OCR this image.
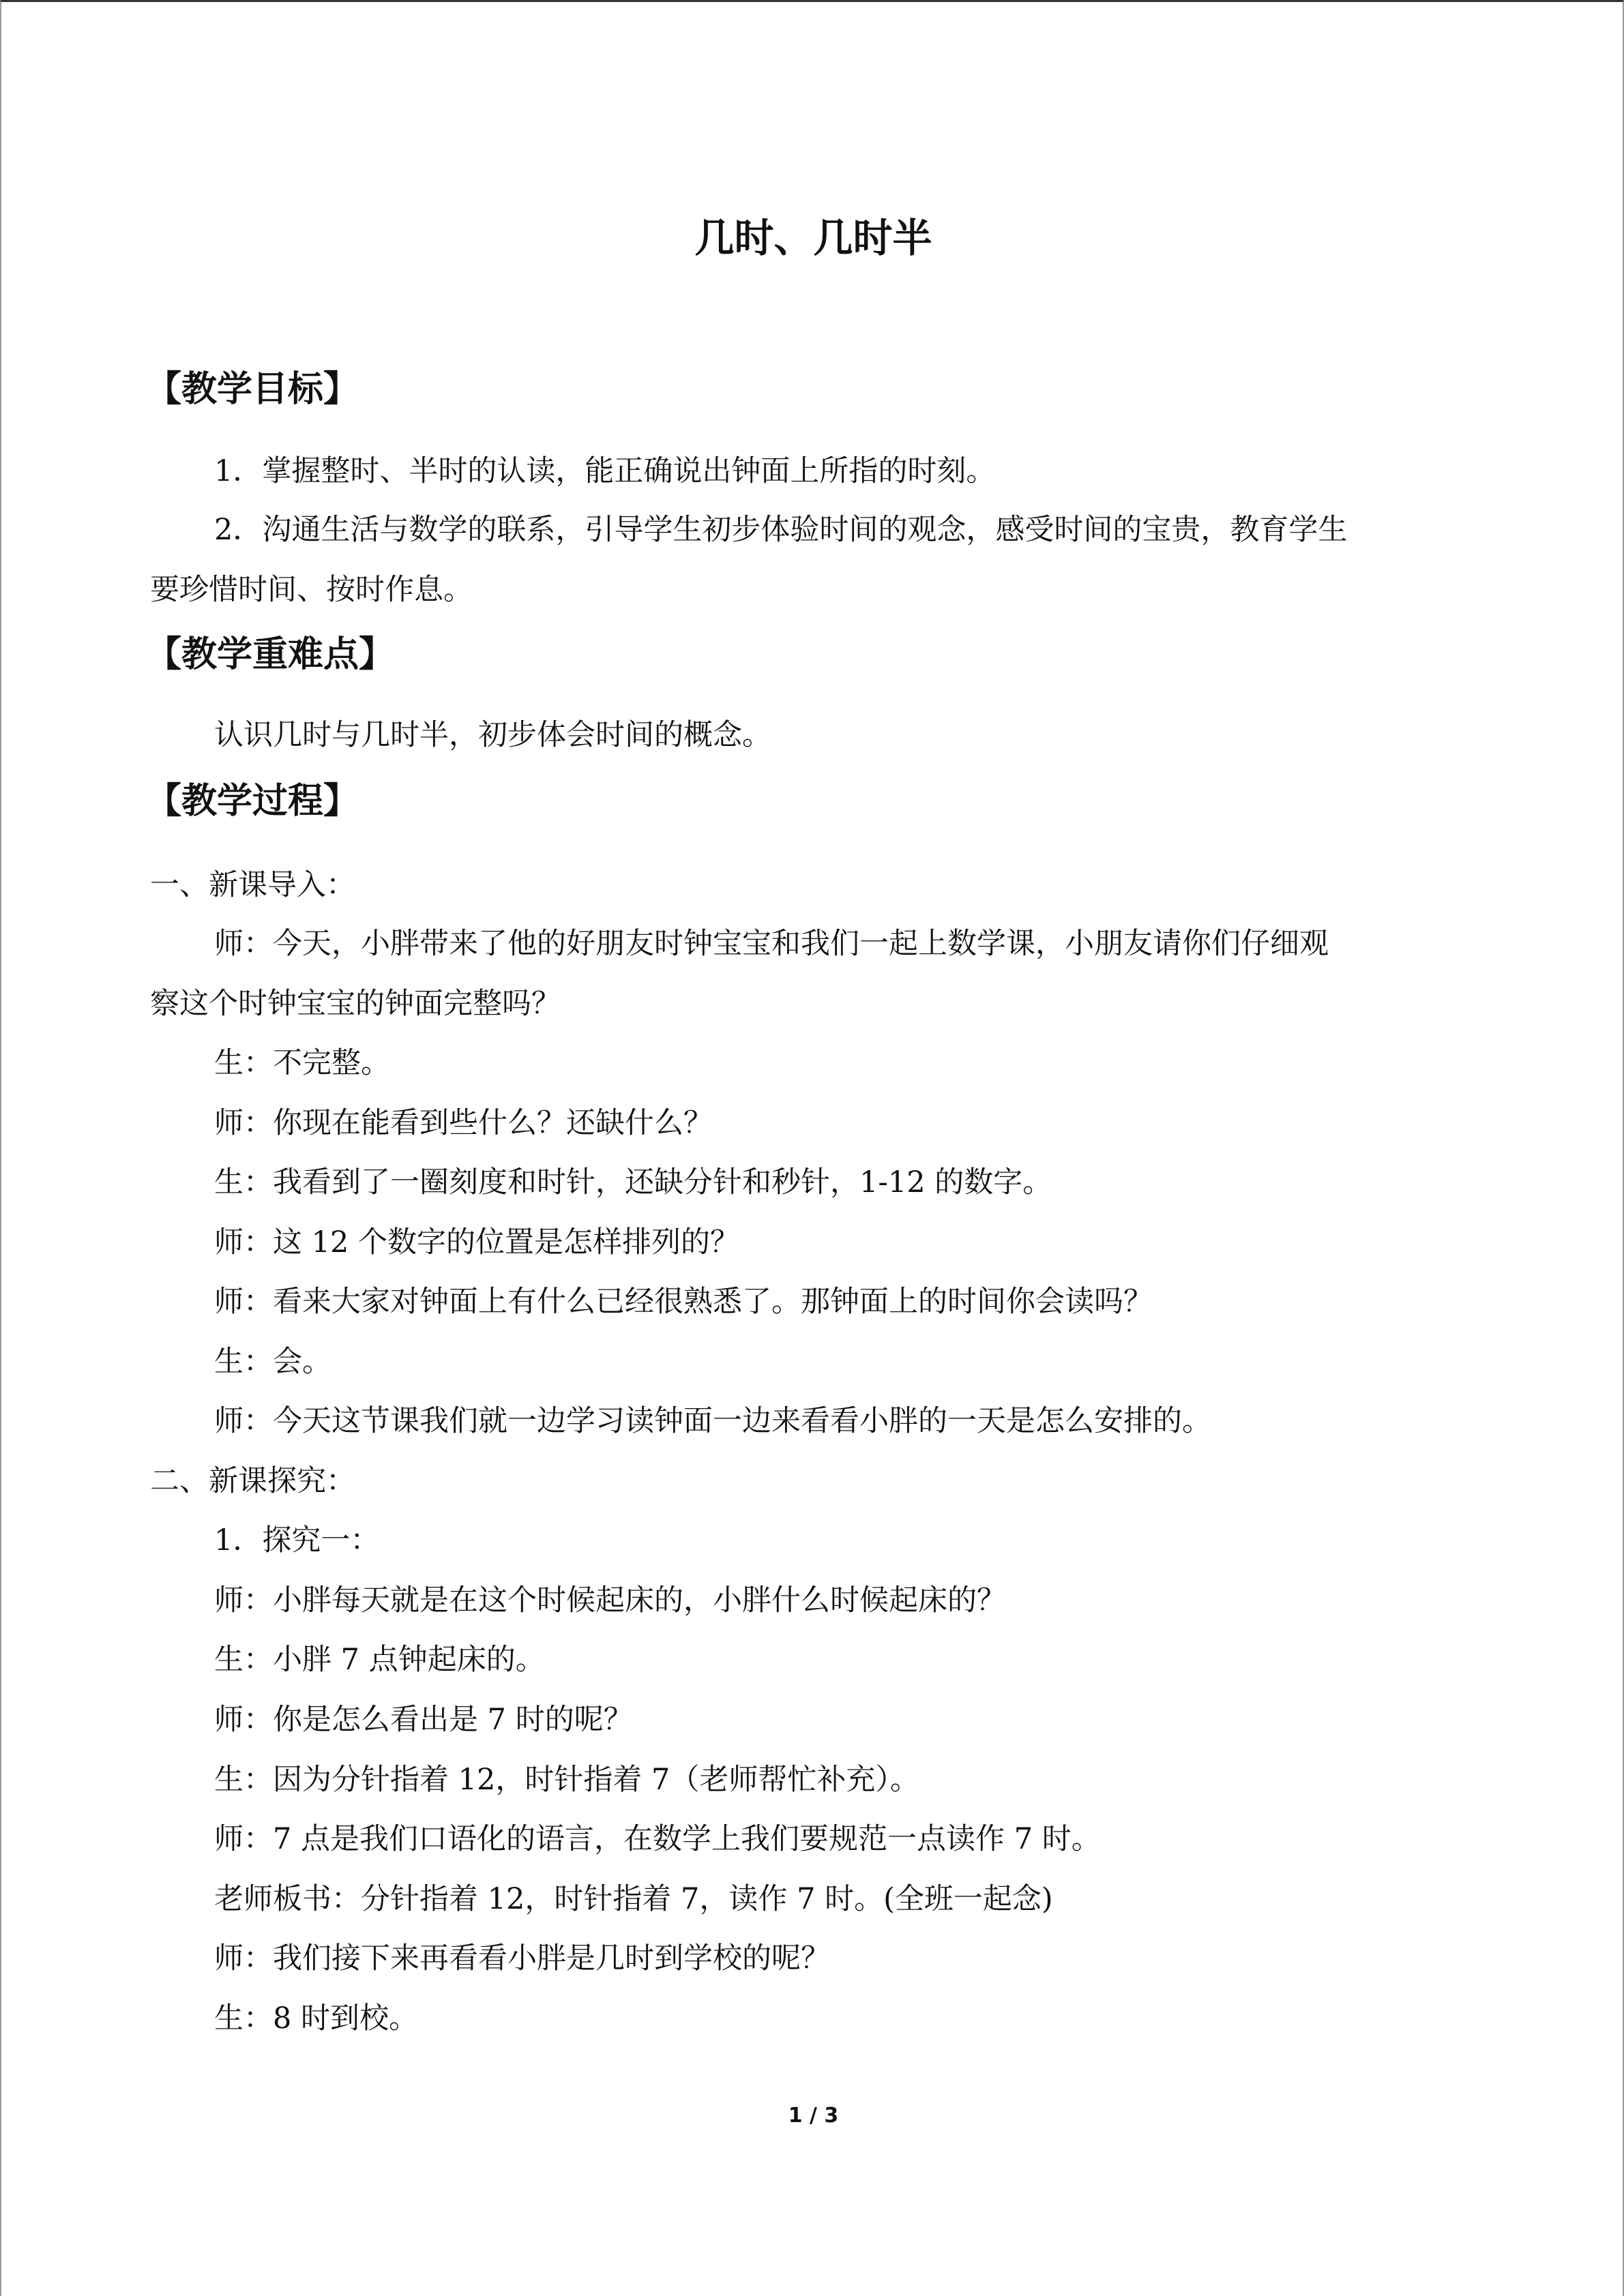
几时、几时半
【教学目标】

1．掌握整时、半时的认读，能正确说出钟面上所指的时刻。

2．沟通生活与数学的联系，引导学生初步体验时间的观念，感受时间的宝贵，教育学生

要珍惜时间、按时作息。

【教学重难点】

认识几时与几时半，初步体会时间的概念。

【教学过程】

一、新课导入：

师：今天，小胖带来了他的好朋友时钟宝宝和我们一起上数学课，小朋友请你们仔细观

察这个时钟宝宝的钟面完整吗？

生：不完整。

师：你现在能看到些什么？还缺什么？

生：我看到了一圈刻度和时针，还缺分针和秒针，1-12 的数字。

师：这 12 个数字的位置是怎样排列的？

师：看来大家对钟面上有什么已经很熟悉了。那钟面上的时间你会读吗？

生：会。

师：今天这节课我们就一边学习读钟面一边来看看小胖的一天是怎么安排的。

二、新课探究：

1．探究一：

师：小胖每天就是在这个时候起床的，小胖什么时候起床的？

生：小胖 7 点钟起床的。

师：你是怎么看出是 7 时的呢？

生：因为分针指着 12，时针指着 7（老师帮忙补充）。

师：7 点是我们口语化的语言，在数学上我们要规范一点读作 7 时。

老师板书：分针指着 12，时针指着 7，读作 7 时。(全班一起念)

师：我们接下来再看看小胖是几时到学校的呢？

生：8 时到校。

1 / 3
